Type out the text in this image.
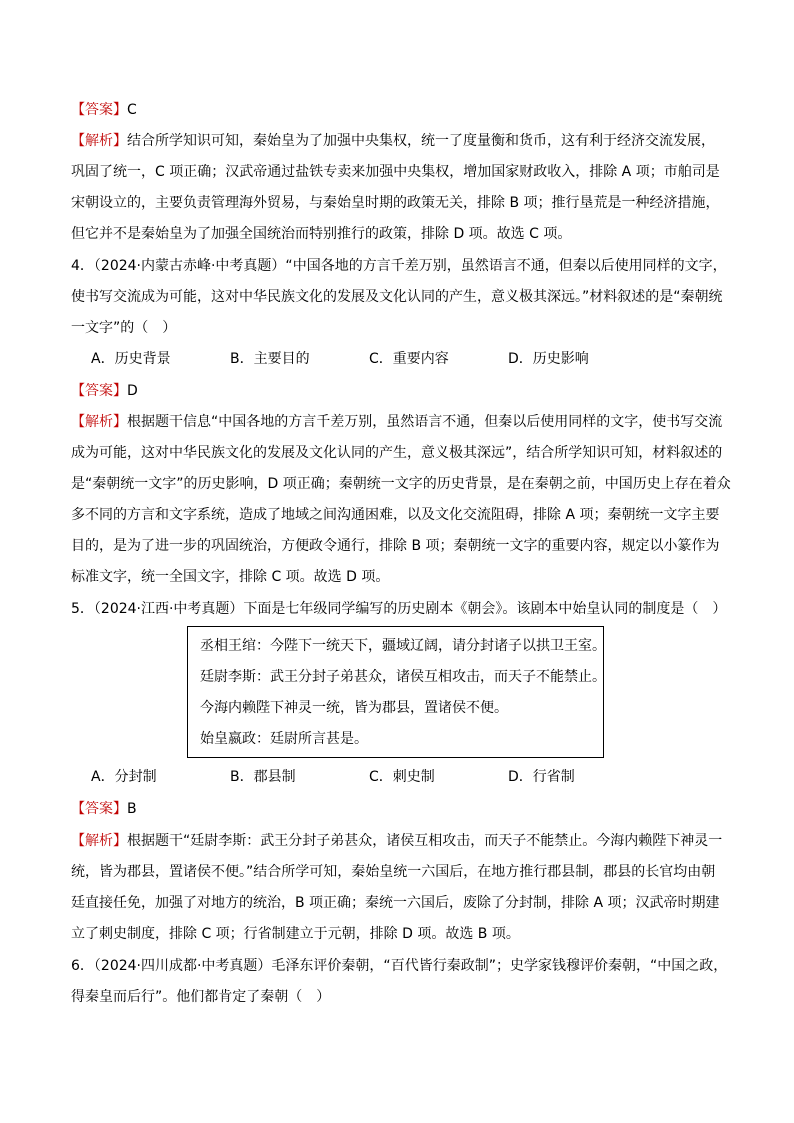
【答案】C
【解析】结合所学知识可知，秦始皇为了加强中央集权，统一了度量衡和货币，这有利于经济交流发展，
巩固了统一，C 项正确；汉武帝通过盐铁专卖来加强中央集权，增加国家财政收入，排除 A 项；市舶司是
宋朝设立的，主要负责管理海外贸易，与秦始皇时期的政策无关，排除 B 项；推行垦荒是一种经济措施，
但它并不是秦始皇为了加强全国统治而特别推行的政策，排除 D 项。故选 C 项。
4．（2024·内蒙古赤峰·中考真题）“中国各地的方言千差万别，虽然语言不通，但秦以后使用同样的文字，
使书写交流成为可能，这对中华民族文化的发展及文化认同的产生，意义极其深远。”材料叙述的是“秦朝统
一文字”的（　）
A．历史背景	B．主要目的	C．重要内容	D．历史影响
【答案】D
【解析】根据题干信息“中国各地的方言千差万别，虽然语言不通，但秦以后使用同样的文字，使书写交流
成为可能，这对中华民族文化的发展及文化认同的产生，意义极其深远”，结合所学知识可知，材料叙述的
是“秦朝统一文字”的历史影响，D 项正确；秦朝统一文字的历史背景，是在秦朝之前，中国历史上存在着众
多不同的方言和文字系统，造成了地域之间沟通困难，以及文化交流阻碍，排除 A 项；秦朝统一文字主要
目的，是为了进一步的巩固统治，方便政令通行，排除 B 项；秦朝统一文字的重要内容，规定以小篆作为
标准文字，统一全国文字，排除 C 项。故选 D 项。
5．（2024·江西·中考真题）下面是七年级同学编写的历史剧本《朝会》。该剧本中始皇认同的制度是（　）
丞相王绾：今陛下一统天下，疆域辽阔，请分封诸子以拱卫王室。
廷尉李斯：武王分封子弟甚众，诸侯互相攻击，而天子不能禁止。
今海内赖陛下神灵一统，皆为郡县，置诸侯不便。
始皇嬴政：廷尉所言甚是。
A．分封制	B．郡县制	C．刺史制	D．行省制
【答案】B
【解析】根据题干“廷尉李斯：武王分封子弟甚众，诸侯互相攻击，而天子不能禁止。今海内赖陛下神灵一
统，皆为郡县，置诸侯不便。”结合所学可知，秦始皇统一六国后，在地方推行郡县制，郡县的长官均由朝
廷直接任免，加强了对地方的统治，B 项正确；秦统一六国后，废除了分封制，排除 A 项；汉武帝时期建
立了刺史制度，排除 C 项；行省制建立于元朝，排除 D 项。故选 B 项。
6．（2024·四川成都·中考真题）毛泽东评价秦朝，“百代皆行秦政制”；史学家钱穆评价秦朝，“中国之政，
得秦皇而后行”。他们都肯定了秦朝（　）
